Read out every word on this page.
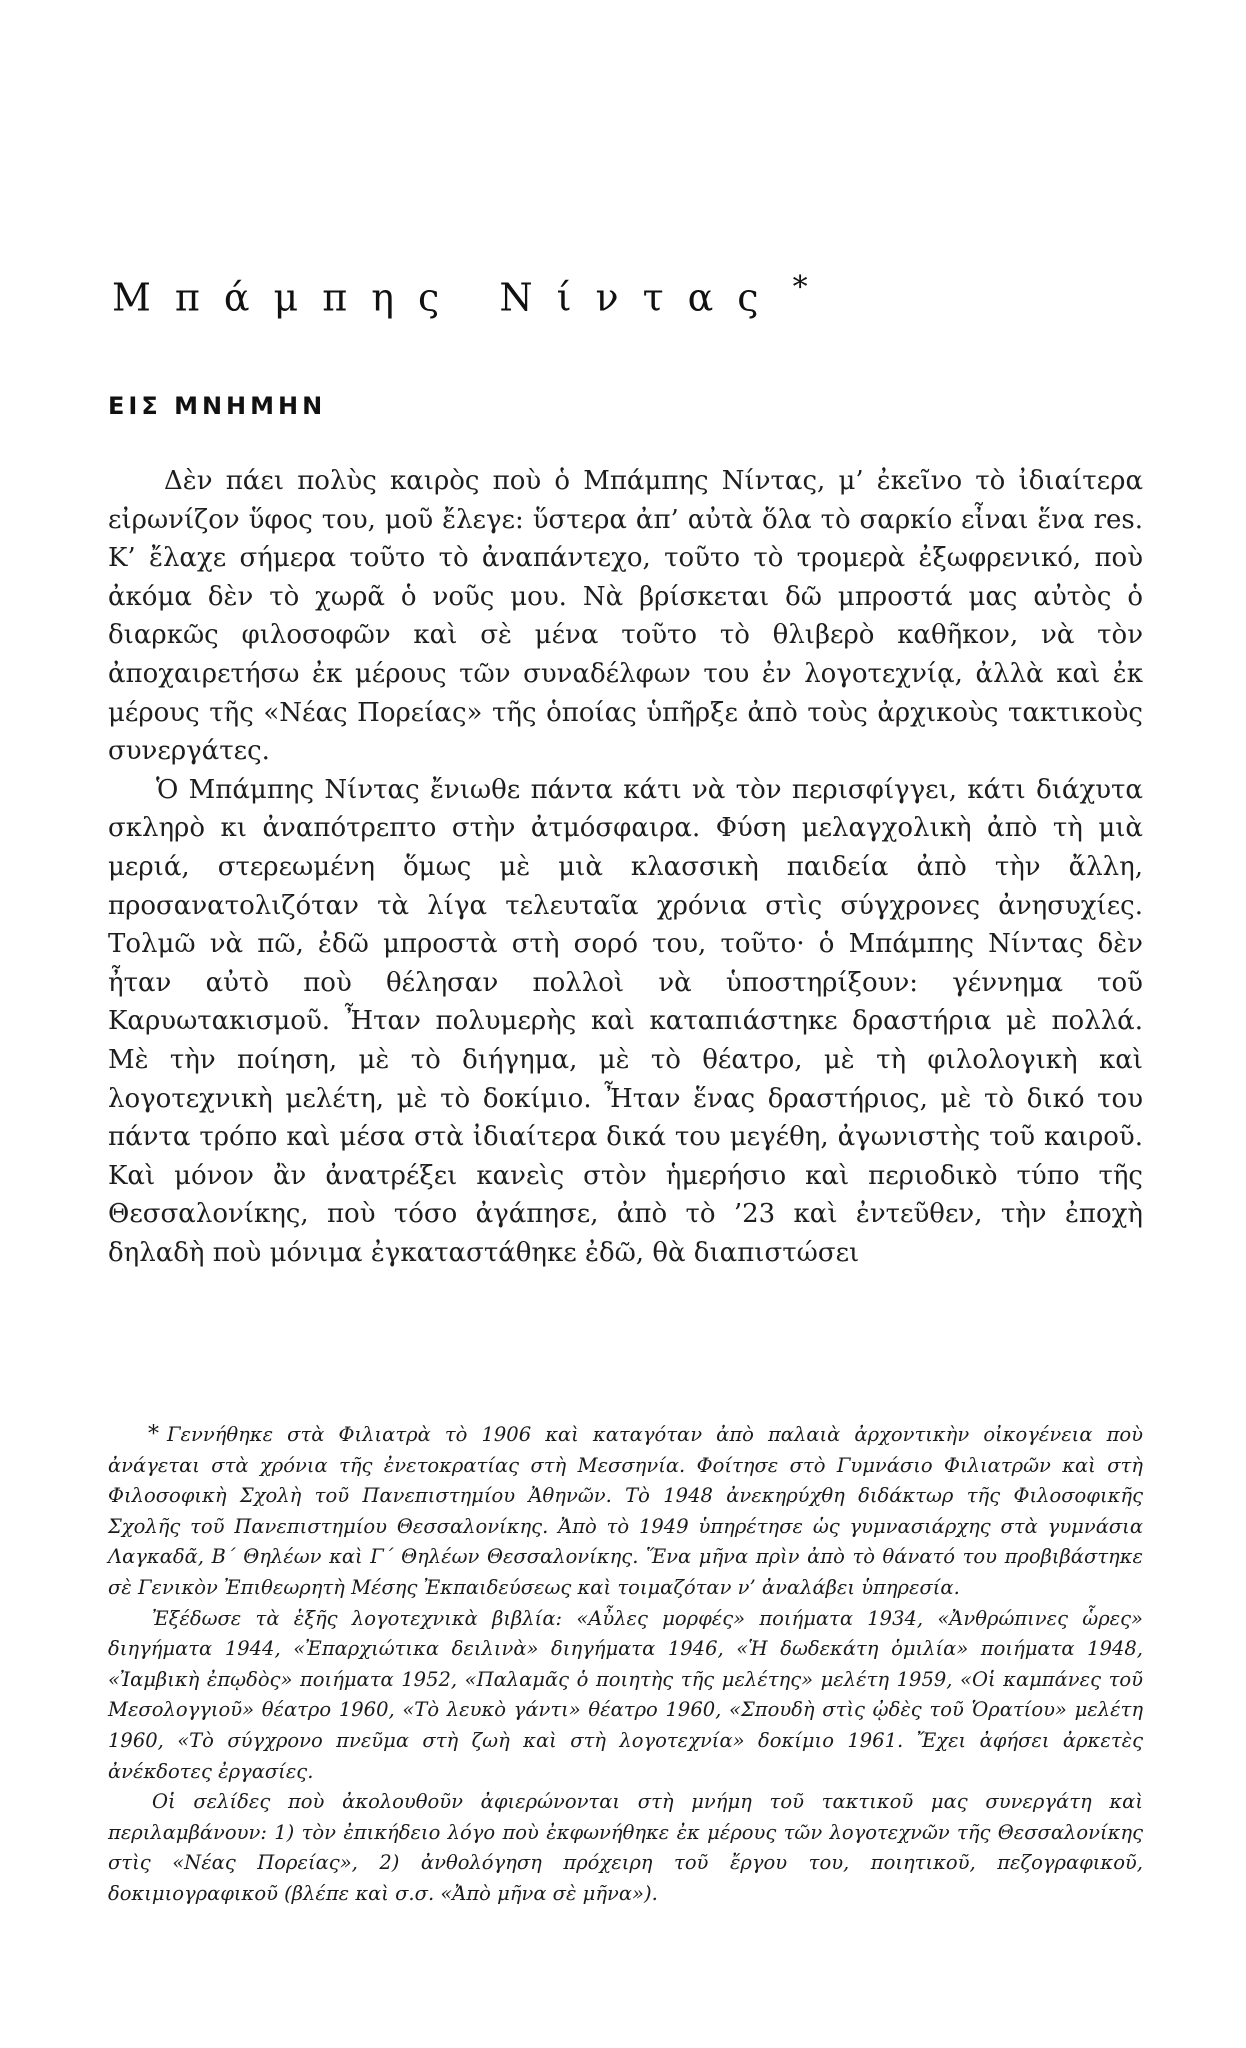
Μπάμπης Νίντας *
ΕΙΣ ΜΝΗΜΗΝ

Δὲν πάει πολὺς καιρὸς ποὺ ὁ Μπάμπης Νίντας, μ’ ἐκεῖνο τὸ ἰδιαίτερα εἰρωνίζον ὕφος του, μοῦ ἔλεγε: ὕστερα ἀπ’ αὐτὰ ὅλα τὸ σαρκίο εἶναι ἕνα res. Κ’ ἔλαχε σήμερα τοῦτο τὸ ἀναπάντεχο, τοῦτο τὸ τρομερὰ ἐξωφρενικό, ποὺ ἀκόμα δὲν τὸ χωρᾶ ὁ νοῦς μου. Νὰ βρίσκεται δῶ μπροστά μας αὐτὸς ὁ διαρκῶς φιλοσοφῶν καὶ σὲ μένα τοῦτο τὸ θλιβερὸ καθῆκον, νὰ τὸν ἀποχαιρετήσω ἐκ μέρους τῶν συναδέλφων του ἐν λογοτεχνίᾳ, ἀλλὰ καὶ ἐκ μέρους τῆς «Νέας Πορείας» τῆς ὁποίας ὑπῆρξε ἀπὸ τοὺς ἀρχικοὺς τακτικοὺς συνεργάτες.

Ὁ Μπάμπης Νίντας ἔνιωθε πάντα κάτι νὰ τὸν περισφίγγει, κάτι διάχυτα σκληρὸ κι ἀναπότρεπτο στὴν ἀτμόσφαιρα. Φύση μελαγχολικὴ ἀπὸ τὴ μιὰ μεριά, στερεωμένη ὅμως μὲ μιὰ κλασσικὴ παιδεία ἀπὸ τὴν ἄλλη, προσανατολιζόταν τὰ λίγα τελευταῖα χρόνια στὶς σύγχρονες ἀνησυχίες. Τολμῶ νὰ πῶ, ἐδῶ μπροστὰ στὴ σορό του, τοῦτο· ὁ Μπάμπης Νίντας δὲν ἦταν αὐτὸ ποὺ θέλησαν πολλοὶ νὰ ὑποστηρίξουν: γέννημα τοῦ Καρυωτακισμοῦ. Ἦταν πολυμερὴς καὶ καταπιάστηκε δραστήρια μὲ πολλά. Μὲ τὴν ποίηση, μὲ τὸ διήγημα, μὲ τὸ θέατρο, μὲ τὴ φιλολογικὴ καὶ λογοτεχνικὴ μελέτη, μὲ τὸ δοκίμιο. Ἦταν ἕνας δραστήριος, μὲ τὸ δικό του πάντα τρόπο καὶ μέσα στὰ ἰδιαίτερα δικά του μεγέθη, ἀγωνιστὴς τοῦ καιροῦ. Καὶ μόνον ἂν ἀνατρέξει κανεὶς στὸν ἡμερήσιο καὶ περιοδικὸ τύπο τῆς Θεσσαλονίκης, ποὺ τόσο ἀγάπησε, ἀπὸ τὸ ’23 καὶ ἐντεῦθεν, τὴν ἐποχὴ δηλαδὴ ποὺ μόνιμα ἐγκαταστάθηκε ἐδῶ, θὰ διαπιστώσει

* Γεννήθηκε στὰ Φιλιατρὰ τὸ 1906 καὶ καταγόταν ἀπὸ παλαιὰ ἀρχοντικὴν οἰκογένεια ποὺ ἀνάγεται στὰ χρόνια τῆς ἐνετοκρατίας στὴ Μεσσηνία. Φοίτησε στὸ Γυμνάσιο Φιλιατρῶν καὶ στὴ Φιλοσοφικὴ Σχολὴ τοῦ Πανεπιστημίου Ἀθηνῶν. Τὸ 1948 ἀνεκηρύχθη διδάκτωρ τῆς Φιλοσοφικῆς Σχολῆς τοῦ Πανεπιστημίου Θεσσαλονίκης. Ἀπὸ τὸ 1949 ὑπηρέτησε ὡς γυμνασιάρχης στὰ γυμνάσια Λαγκαδᾶ, Β΄ Θηλέων καὶ Γ΄ Θηλέων Θεσσαλονίκης. Ἕνα μῆνα πρὶν ἀπὸ τὸ θάνατό του προβιβάστηκε σὲ Γενικὸν Ἐπιθεωρητὴ Μέσης Ἐκπαιδεύσεως καὶ τοιμαζόταν ν’ ἀναλάβει ὑπηρεσία.

Ἐξέδωσε τὰ ἑξῆς λογοτεχνικὰ βιβλία: «Αὖλες μορφές» ποιήματα 1934, «Ἀνθρώπινες ὧρες» διηγήματα 1944, «Ἐπαρχιώτικα δειλινὰ» διηγήματα 1946, «Ἡ δωδεκάτη ὁμιλία» ποιήματα 1948, «Ἰαμβικὴ ἐπῳδὸς» ποιήματα 1952, «Παλαμᾶς ὁ ποιητὴς τῆς μελέτης» μελέτη 1959, «Οἱ καμπάνες τοῦ Μεσολογγιοῦ» θέατρο 1960, «Τὸ λευκὸ γάντι» θέατρο 1960, «Σπουδὴ στὶς ᾠδὲς τοῦ Ὁρατίου» μελέτη 1960, «Τὸ σύγχρονο πνεῦμα στὴ ζωὴ καὶ στὴ λογοτεχνία» δοκίμιο 1961. Ἔχει ἀφήσει ἀρκετὲς ἀνέκδοτες ἐργασίες.

Οἱ σελίδες ποὺ ἀκολουθοῦν ἀφιερώνονται στὴ μνήμη τοῦ τακτικοῦ μας συνεργάτη καὶ περιλαμβάνουν: 1) τὸν ἐπικήδειο λόγο ποὺ ἐκφωνήθηκε ἐκ μέρους τῶν λογοτεχνῶν τῆς Θεσσαλονίκης στὶς «Νέας Πορείας», 2) ἀνθολόγηση πρόχειρη τοῦ ἔργου του, ποιητικοῦ, πεζογραφικοῦ, δοκιμιογραφικοῦ (βλέπε καὶ σ.σ. «Ἀπὸ μῆνα σὲ μῆνα»).
